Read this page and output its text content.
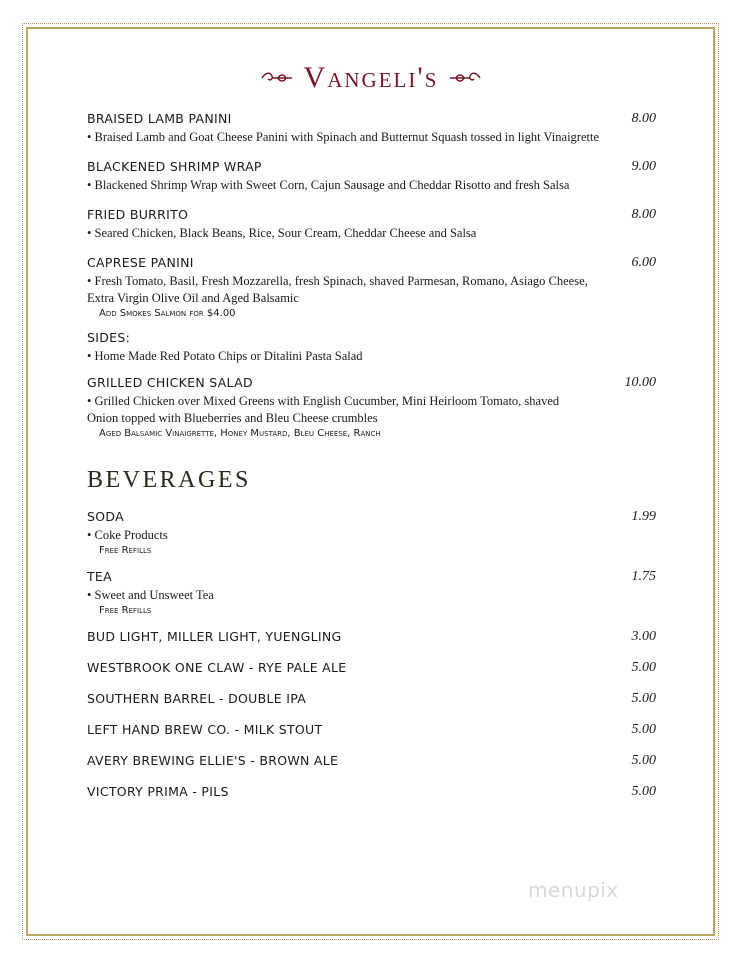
Vangeli's
BRAISED LAMB PANINI	8.00
• Braised Lamb and Goat Cheese Panini with Spinach and Butternut Squash tossed in light Vinaigrette
BLACKENED SHRIMP WRAP	9.00
• Blackened Shrimp Wrap with Sweet Corn, Cajun Sausage and Cheddar Risotto and fresh Salsa
FRIED BURRITO	8.00
• Seared Chicken, Black Beans, Rice, Sour Cream, Cheddar Cheese and Salsa
CAPRESE PANINI	6.00
• Fresh Tomato, Basil, Fresh Mozzarella, fresh Spinach, shaved Parmesan, Romano, Asiago Cheese, Extra Virgin Olive Oil and Aged Balsamic
Add Smokes Salmon for $4.00
SIDES:
• Home Made Red Potato Chips or Ditalini Pasta Salad
GRILLED CHICKEN SALAD	10.00
• Grilled Chicken over Mixed Greens with English Cucumber, Mini Heirloom Tomato, shaved Onion topped with Blueberries and Bleu Cheese crumbles
Aged Balsamic Vinaigrette, Honey Mustard, Bleu Cheese, Ranch
BEVERAGES
SODA	1.99
• Coke Products
Free Refills
TEA	1.75
• Sweet and Unsweet Tea
Free Refills
BUD LIGHT, MILLER LIGHT, YUENGLING	3.00
WESTBROOK ONE CLAW - RYE PALE ALE	5.00
SOUTHERN BARREL - DOUBLE IPA	5.00
LEFT HAND BREW CO. - MILK STOUT	5.00
AVERY BREWING ELLIE'S - BROWN ALE	5.00
VICTORY PRIMA - PILS	5.00
menupix
